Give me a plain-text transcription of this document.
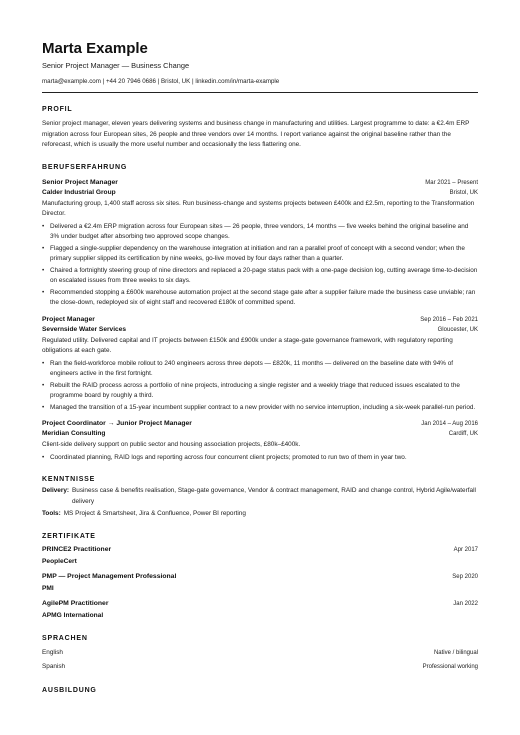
Marta Example
Senior Project Manager — Business Change
marta@example.com | +44 20 7946 0686 | Bristol, UK | linkedin.com/in/marta-example
PROFIL
Senior project manager, eleven years delivering systems and business change in manufacturing and utilities. Largest programme to date: a €2.4m ERP migration across four European sites, 26 people and three vendors over 14 months. I report variance against the original baseline rather than the reforecast, which is usually the more useful number and occasionally the less flattering one.
BERUFSERFAHRUNG
Senior Project Manager	Mar 2021 – Present
Calder Industrial Group	Bristol, UK
Manufacturing group, 1,400 staff across six sites. Run business-change and systems projects between £400k and £2.5m, reporting to the Transformation Director.
• Delivered a €2.4m ERP migration across four European sites — 26 people, three vendors, 14 months — five weeks behind the original baseline and 3% under budget after absorbing two approved scope changes.
• Flagged a single-supplier dependency on the warehouse integration at initiation and ran a parallel proof of concept with a second vendor; when the primary supplier slipped its certification by nine weeks, go-live moved by four days rather than a quarter.
• Chaired a fortnightly steering group of nine directors and replaced a 20-page status pack with a one-page decision log, cutting average time-to-decision on escalated issues from three weeks to six days.
• Recommended stopping a £600k warehouse automation project at the second stage gate after a supplier failure made the business case unviable; ran the close-down, redeployed six of eight staff and recovered £180k of committed spend.
Project Manager	Sep 2016 – Feb 2021
Severnside Water Services	Gloucester, UK
Regulated utility. Delivered capital and IT projects between £150k and £900k under a stage-gate governance framework, with regulatory reporting obligations at each gate.
• Ran the field-workforce mobile rollout to 240 engineers across three depots — £820k, 11 months — delivered on the baseline date with 94% of engineers active in the first fortnight.
• Rebuilt the RAID process across a portfolio of nine projects, introducing a single register and a weekly triage that reduced issues escalated to the programme board by roughly a third.
• Managed the transition of a 15-year incumbent supplier contract to a new provider with no service interruption, including a six-week parallel-run period.
Project Coordinator → Junior Project Manager	Jan 2014 – Aug 2016
Meridian Consulting	Cardiff, UK
Client-side delivery support on public sector and housing association projects, £80k–£400k.
• Coordinated planning, RAID logs and reporting across four concurrent client projects; promoted to run two of them in year two.
KENNTNISSE
Delivery: Business case & benefits realisation, Stage-gate governance, Vendor & contract management, RAID and change control, Hybrid Agile/waterfall delivery
Tools: MS Project & Smartsheet, Jira & Confluence, Power BI reporting
ZERTIFIKATE
PRINCE2 Practitioner	Apr 2017
PeopleCert
PMP — Project Management Professional	Sep 2020
PMI
AgilePM Practitioner	Jan 2022
APMG International
SPRACHEN
English	Native / bilingual
Spanish	Professional working
AUSBILDUNG
